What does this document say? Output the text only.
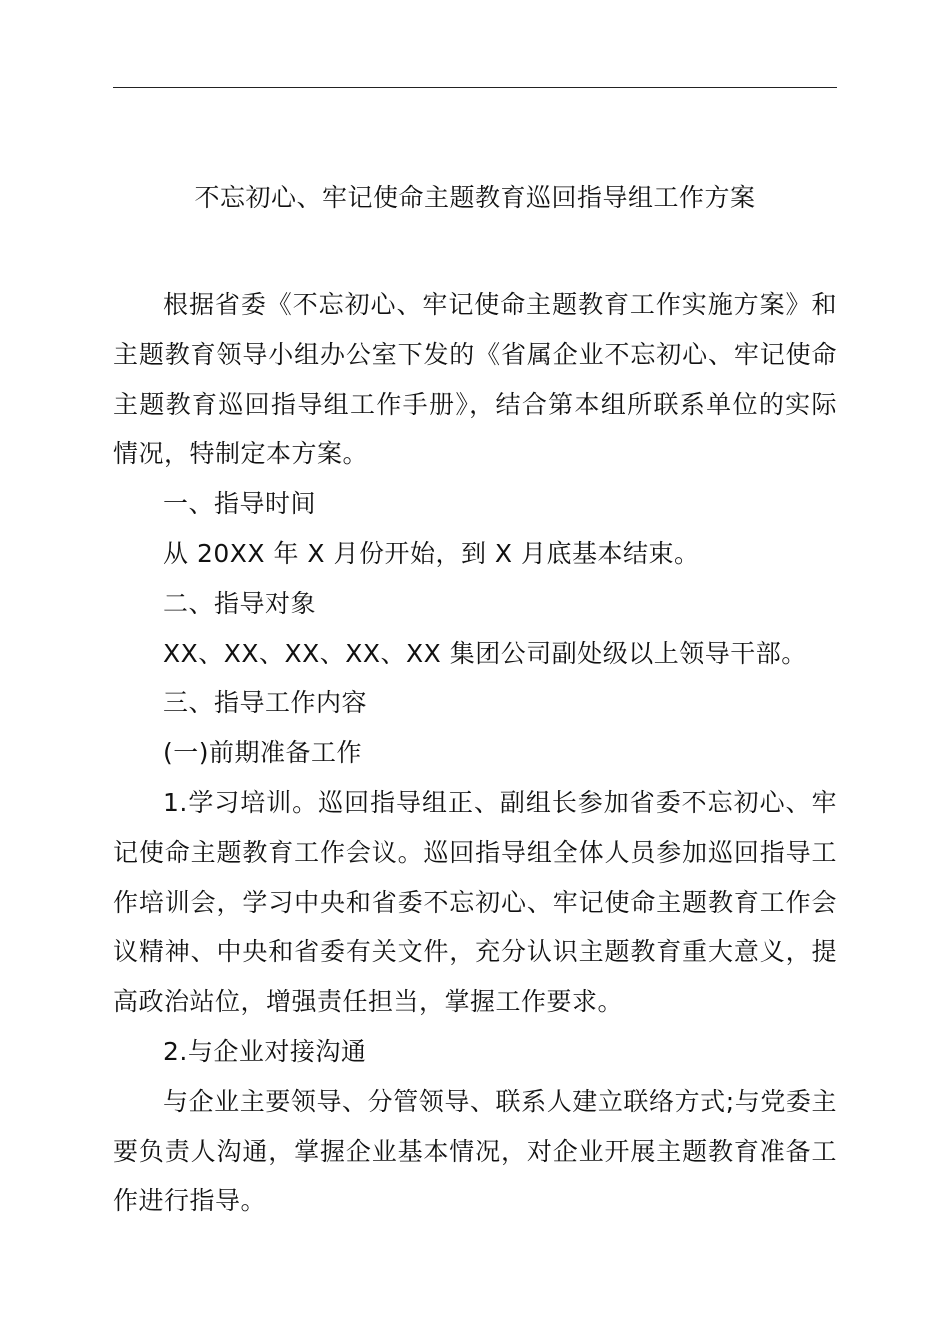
不忘初心、牢记使命主题教育巡回指导组工作方案

根据省委《不忘初心、牢记使命主题教育工作实施方案》和主题教育领导小组办公室下发的《省属企业不忘初心、牢记使命主题教育巡回指导组工作手册》，结合第本组所联系单位的实际情况，特制定本方案。

一、指导时间

从 20XX 年 X 月份开始，到 X 月底基本结束。

二、指导对象

XX、XX、XX、XX、XX 集团公司副处级以上领导干部。

三、指导工作内容

(一)前期准备工作

1.学习培训。巡回指导组正、副组长参加省委不忘初心、牢记使命主题教育工作会议。巡回指导组全体人员参加巡回指导工作培训会，学习中央和省委不忘初心、牢记使命主题教育工作会议精神、中央和省委有关文件，充分认识主题教育重大意义，提高政治站位，增强责任担当，掌握工作要求。

2.与企业对接沟通

与企业主要领导、分管领导、联系人建立联络方式;与党委主要负责人沟通，掌握企业基本情况，对企业开展主题教育准备工作进行指导。
